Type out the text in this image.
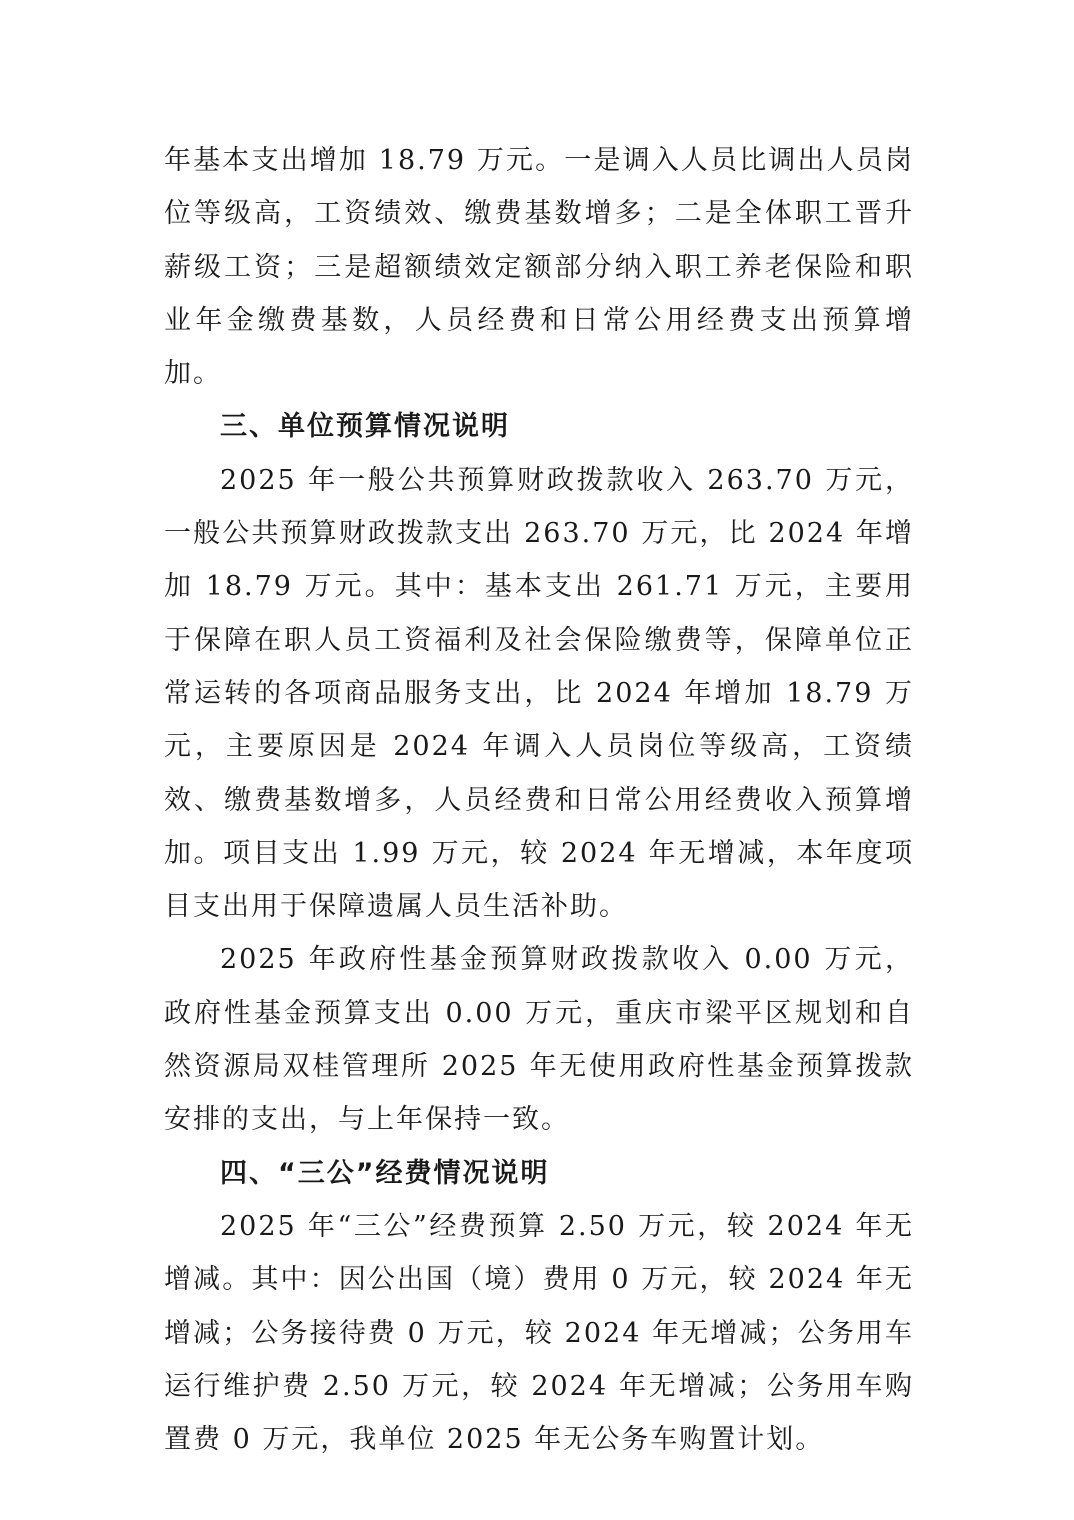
年基本支出增加 18.79 万元。一是调入人员比调出人员岗位等级高，工资绩效、缴费基数增多；二是全体职工晋升薪级工资；三是超额绩效定额部分纳入职工养老保险和职业年金缴费基数，人员经费和日常公用经费支出预算增加。

三、单位预算情况说明

2025 年一般公共预算财政拨款收入 263.70 万元，一般公共预算财政拨款支出 263.70 万元，比 2024 年增加 18.79 万元。其中：基本支出 261.71 万元，主要用于保障在职人员工资福利及社会保险缴费等，保障单位正常运转的各项商品服务支出，比 2024 年增加 18.79 万元，主要原因是 2024 年调入人员岗位等级高，工资绩效、缴费基数增多，人员经费和日常公用经费收入预算增加。项目支出 1.99 万元，较 2024 年无增减，本年度项目支出用于保障遗属人员生活补助。

2025 年政府性基金预算财政拨款收入 0.00 万元，政府性基金预算支出 0.00 万元，重庆市梁平区规划和自然资源局双桂管理所 2025 年无使用政府性基金预算拨款安排的支出，与上年保持一致。

四、“三公”经费情况说明

2025 年“三公”经费预算 2.50 万元，较 2024 年无增减。其中：因公出国（境）费用 0 万元，较 2024 年无增减；公务接待费 0 万元，较 2024 年无增减；公务用车运行维护费 2.50 万元，较 2024 年无增减；公务用车购置费 0 万元，我单位 2025 年无公务车购置计划。
